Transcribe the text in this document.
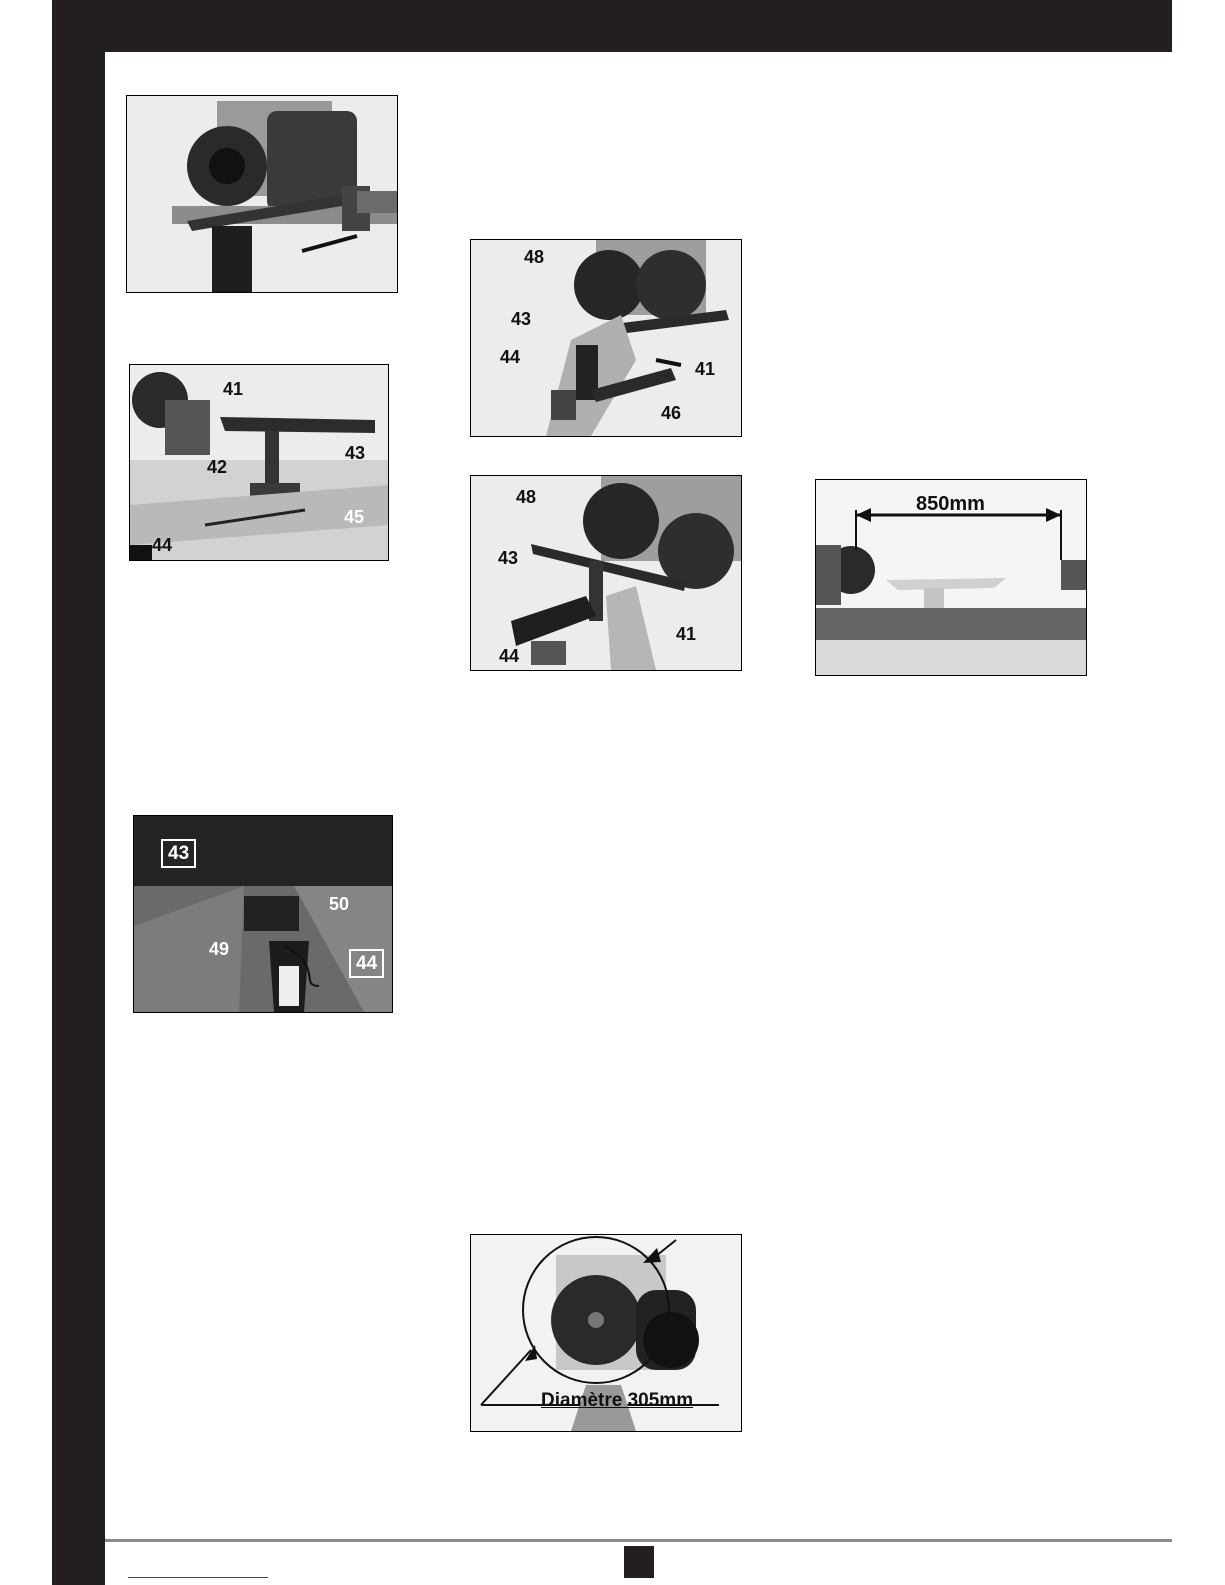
41
42
43
45
44
43
50
49
44
48
43
44
41
46
48
43
41
44
850mm
Diamètre 305mm
